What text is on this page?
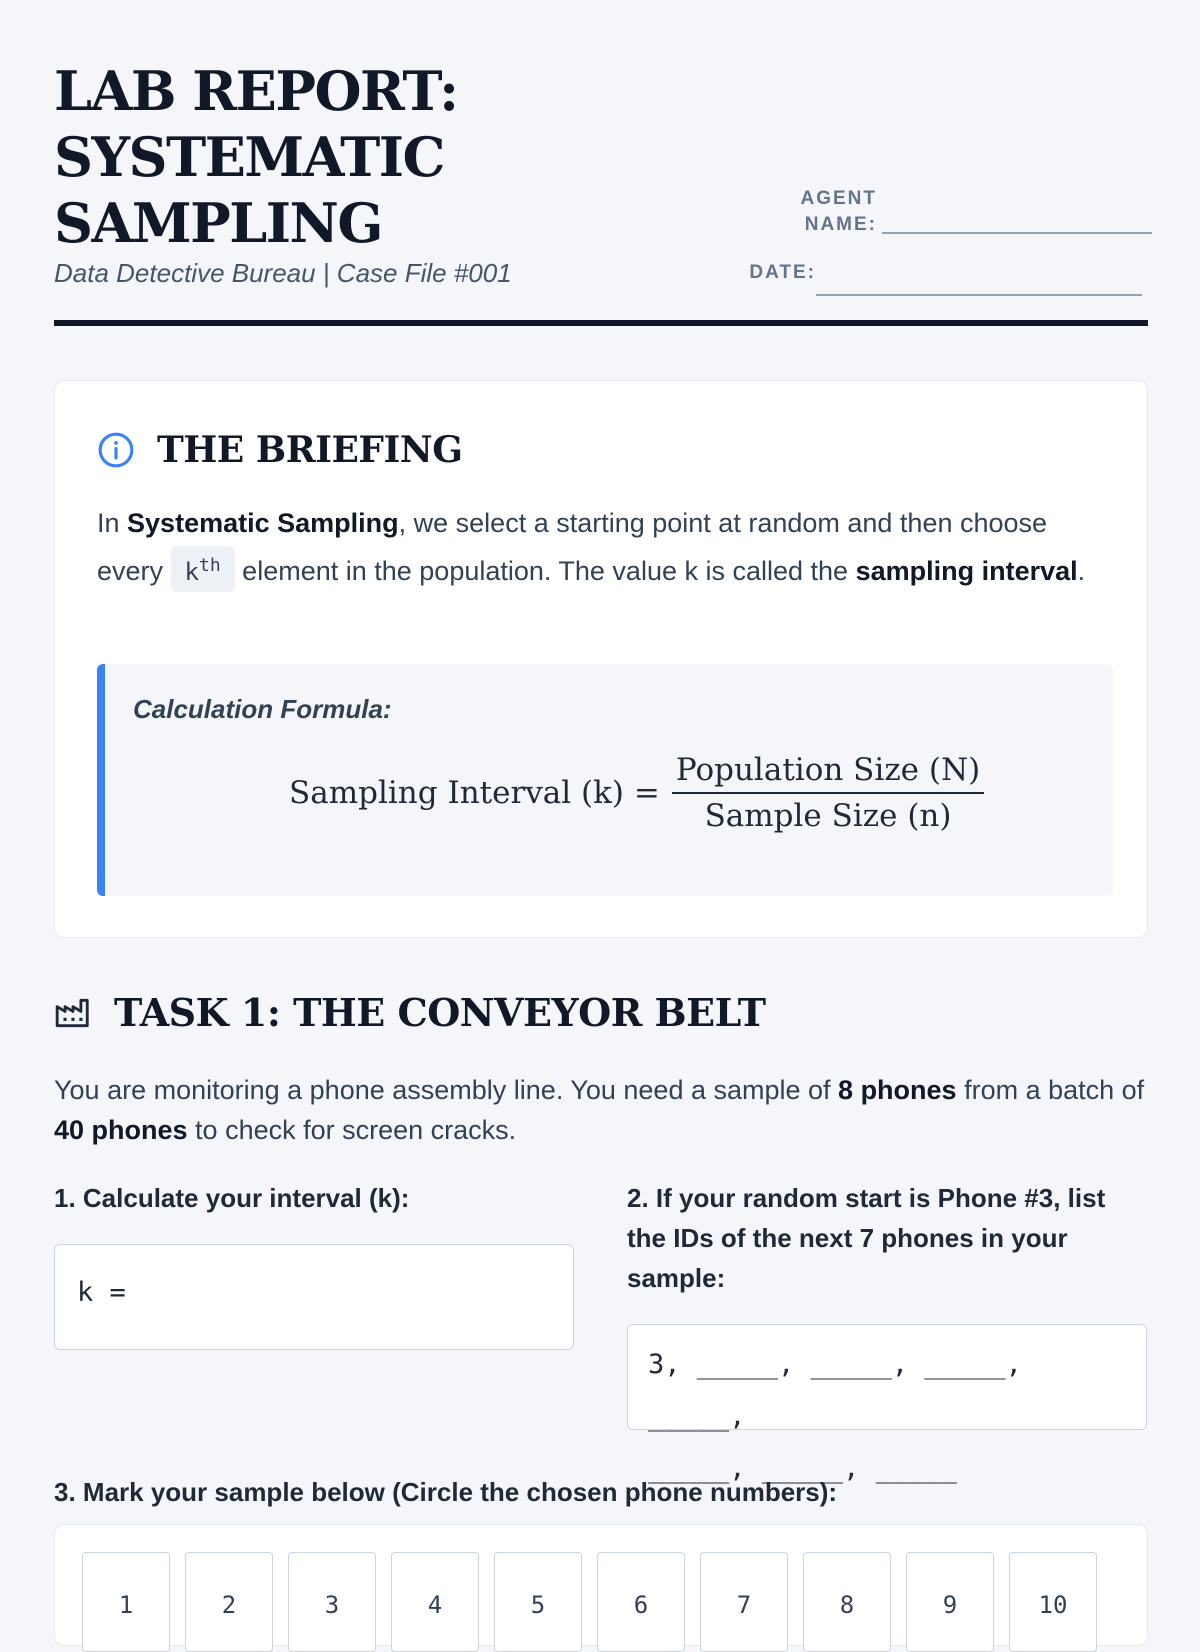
LAB REPORT:
SYSTEMATIC
SAMPLING
Data Detective Bureau | Case File #001
AGENT
NAME:
DATE:
THE BRIEFING
In Systematic Sampling, we select a starting point at random and then choose every $k^{th}$ element in the population. The value k is called the sampling interval.
Calculation Formula:
Sampling Interval $(k) = \frac{\text{Population Size (N)}}{\text{Sample Size (n)}}$
TASK 1: THE CONVEYOR BELT
You are monitoring a phone assembly line. You need a sample of 8 phones from a batch of 40 phones to check for screen cracks.
1. Calculate your interval (k):
k =
2. If your random start is Phone #3, list the IDs of the next 7 phones in your sample:
3, _____, _____, _____, _____,
_____, _____, _____
3. Mark your sample below (Circle the chosen phone numbers):
1	2	3	4	5	6	7	8	9	10
